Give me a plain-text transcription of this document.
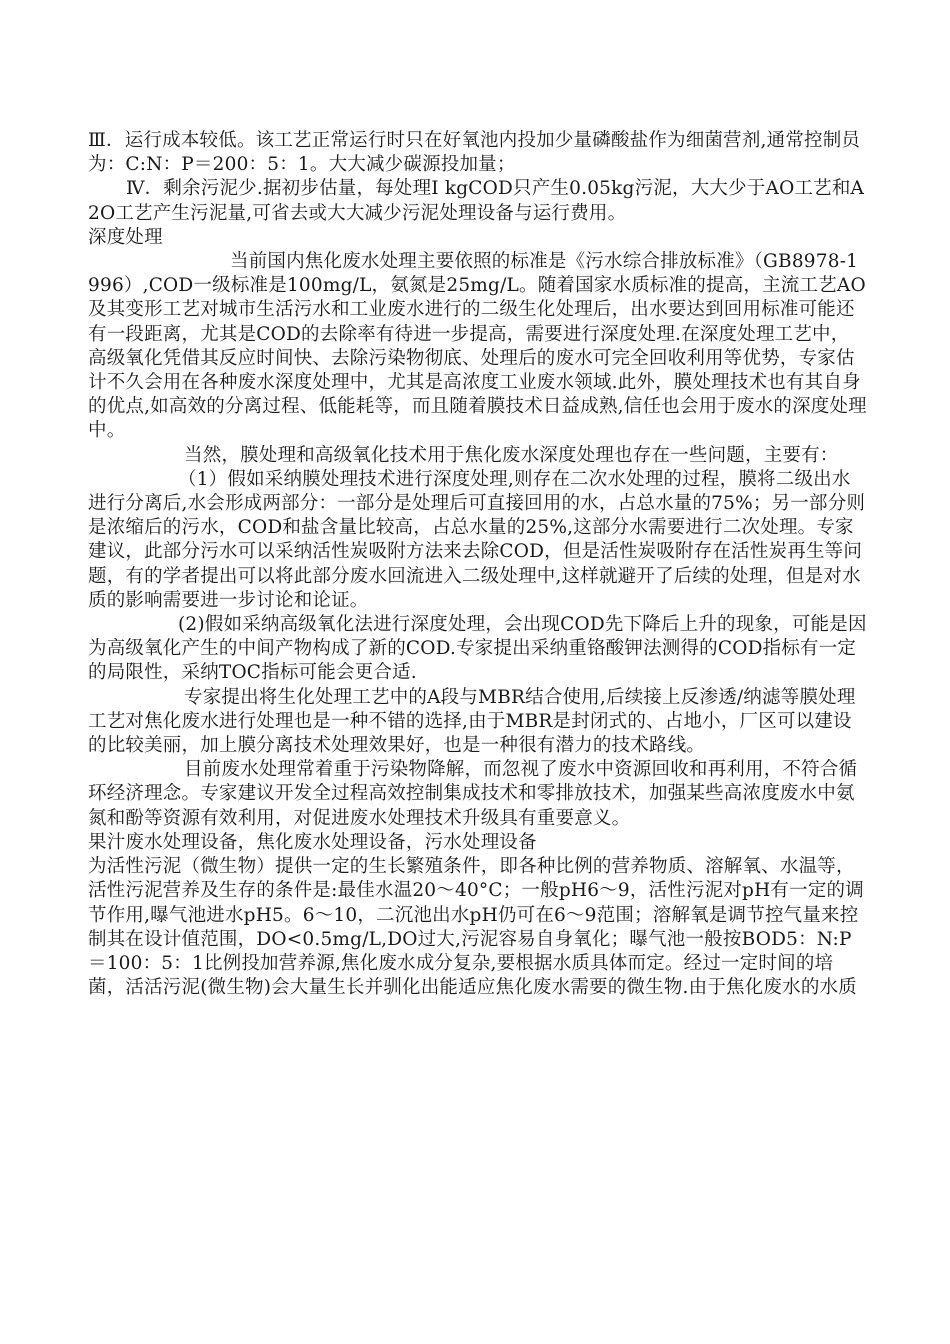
Ⅲ．运行成本较低。该工艺正常运行时只在好氧池内投加少量磷酸盐作为细菌营剂,通常控制员为：C:N：P＝200：5：1。大大减少碳源投加量；

Ⅳ．剩余污泥少.据初步估量，每处理I kgCOD只产生0.05kg污泥，大大少于AO工艺和A2O工艺产生污泥量,可省去或大大减少污泥处理设备与运行费用。

深度处理

当前国内焦化废水处理主要依照的标准是《污水综合排放标准》（GB8978-1996）,COD一级标准是100mg/L，氨氮是25mg/L。随着国家水质标准的提高，主流工艺AO及其变形工艺对城市生活污水和工业废水进行的二级生化处理后，出水要达到回用标准可能还有一段距离，尤其是COD的去除率有待进一步提高，需要进行深度处理.在深度处理工艺中，高级氧化凭借其反应时间快、去除污染物彻底、处理后的废水可完全回收利用等优势，专家估计不久会用在各种废水深度处理中，尤其是高浓度工业废水领域.此外，膜处理技术也有其自身的优点,如高效的分离过程、低能耗等，而且随着膜技术日益成熟,信任也会用于废水的深度处理中。

当然，膜处理和高级氧化技术用于焦化废水深度处理也存在一些问题，主要有：

（1）假如采纳膜处理技术进行深度处理,则存在二次水处理的过程，膜将二级出水进行分离后,水会形成两部分：一部分是处理后可直接回用的水，占总水量的75%；另一部分则是浓缩后的污水，COD和盐含量比较高，占总水量的25%,这部分水需要进行二次处理。专家建议，此部分污水可以采纳活性炭吸附方法来去除COD，但是活性炭吸附存在活性炭再生等问题，有的学者提出可以将此部分废水回流进入二级处理中,这样就避开了后续的处理，但是对水质的影响需要进一步讨论和论证。

(2)假如采纳高级氧化法进行深度处理，会出现COD先下降后上升的现象，可能是因为高级氧化产生的中间产物构成了新的COD.专家提出采纳重铬酸钾法测得的COD指标有一定的局限性，采纳TOC指标可能会更合适.

专家提出将生化处理工艺中的A段与MBR结合使用,后续接上反渗透/纳滤等膜处理工艺对焦化废水进行处理也是一种不错的选择,由于MBR是封闭式的、占地小，厂区可以建设的比较美丽，加上膜分离技术处理效果好，也是一种很有潜力的技术路线。

目前废水处理常着重于污染物降解，而忽视了废水中资源回收和再利用，不符合循环经济理念。专家建议开发全过程高效控制集成技术和零排放技术，加强某些高浓度废水中氨氮和酚等资源有效利用，对促进废水处理技术升级具有重要意义。

果汁废水处理设备，焦化废水处理设备，污水处理设备

为活性污泥（微生物）提供一定的生长繁殖条件，即各种比例的营养物质、溶解氧、水温等，活性污泥营养及生存的条件是:最佳水温20～40°C；一般pH6～9，活性污泥对pH有一定的调节作用,曝气池进水pH5。6～10，二沉池出水pH仍可在6～9范围；溶解氧是调节控气量来控制其在设计值范围，DO<0.5mg/L,DO过大,污泥容易自身氧化；曝气池一般按BOD5：N:P＝100：5：1比例投加营养源,焦化废水成分复杂,要根据水质具体而定。经过一定时间的培菌，活活污泥(微生物)会大量生长并驯化出能适应焦化废水需要的微生物.由于焦化废水的水质
